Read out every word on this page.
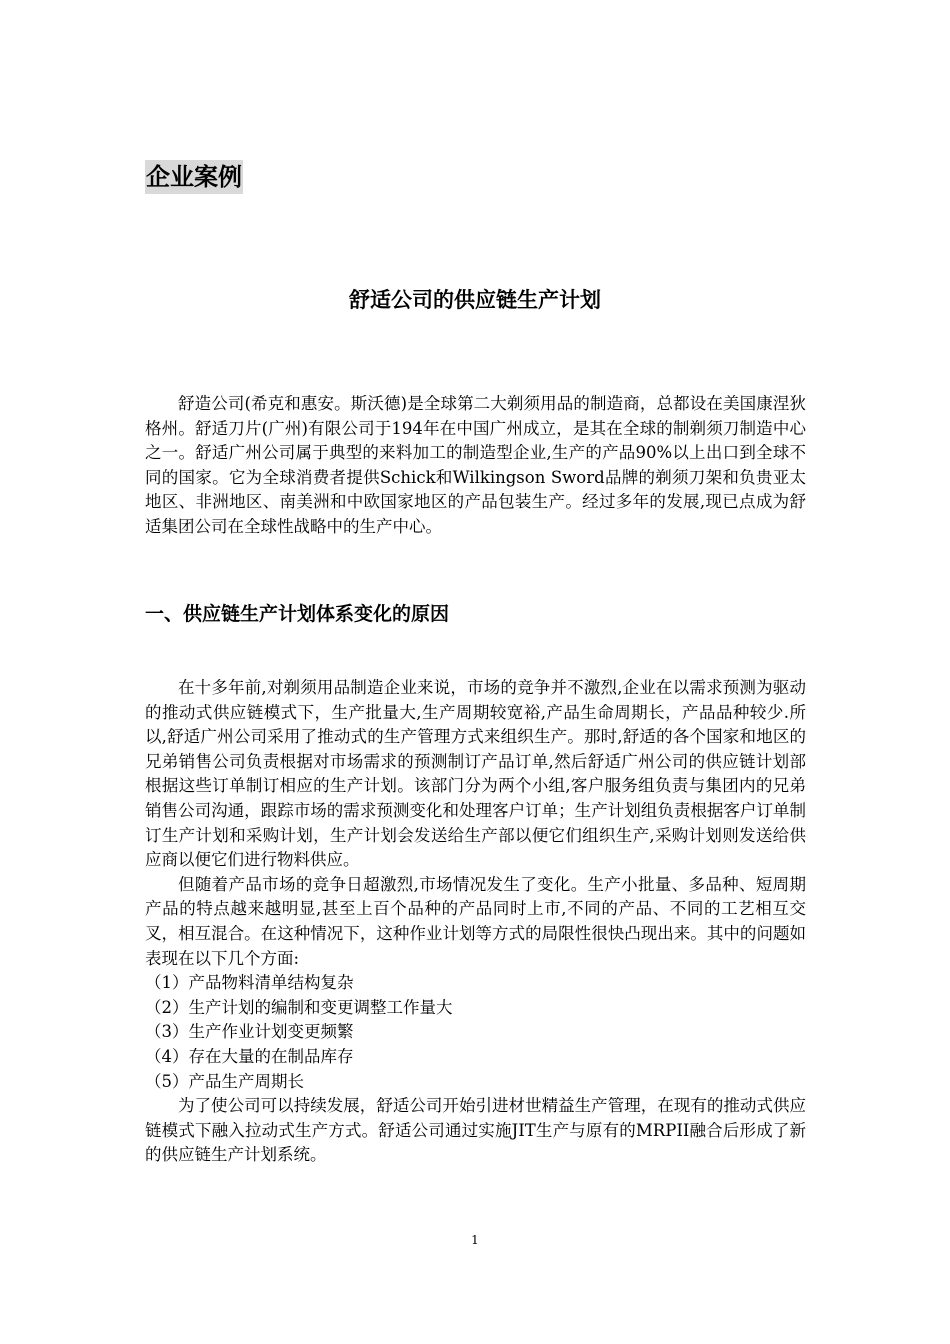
企业案例
舒适公司的供应链生产计划

舒造公司(希克和惠安。斯沃德)是全球第二大剃须用品的制造商，总都设在美国康涅狄格州。舒适刀片(广州)有限公司于194年在中国广州成立，是其在全球的制剃须刀制造中心之一。舒适广州公司属于典型的来料加工的制造型企业,生产的产品90%以上出口到全球不同的国家。它为全球消费者提供Schick和Wilkingson Sword品牌的剃须刀架和负贵亚太地区、非洲地区、南美洲和中欧国家地区的产品包装生产。经过多年的发展,现已点成为舒适集团公司在全球性战略中的生产中心。

一、供应链生产计划体系变化的原因

在十多年前,对剃须用品制造企业来说，市场的竞争并不激烈,企业在以需求预测为驱动的推动式供应链模式下，生产批量大,生产周期较宽裕,产品生命周期长，产品品种较少.所以,舒适广州公司采用了推动式的生产管理方式来组织生产。那时,舒适的各个国家和地区的兄弟销售公司负责根据对市场需求的预测制订产品订单,然后舒适广州公司的供应链计划部根据这些订单制订相应的生产计划。该部门分为两个小组,客户服务组负责与集团内的兄弟销售公司沟通，跟踪市场的需求预测变化和处理客户订单；生产计划组负责根据客户订单制订生产计划和采购计划，生产计划会发送给生产部以便它们组织生产,采购计划则发送给供应商以便它们进行物料供应。

但随着产品市场的竞争日超激烈,市场情况发生了变化。生产小批量、多品种、短周期产品的特点越来越明显,甚至上百个品种的产品同时上市,不同的产品、不同的工艺相互交叉，相互混合。在这种情况下，这种作业计划等方式的局限性很快凸现出来。其中的问题如表现在以下几个方面:

（1）产品物料清单结构复杂
（2）生产计划的编制和变更调整工作量大
（3）生产作业计划变更频繁
（4）存在大量的在制品库存
（5）产品生产周期长

为了使公司可以持续发展，舒适公司开始引进材世精益生产管理，在现有的推动式供应链模式下融入拉动式生产方式。舒适公司通过实施JIT生产与原有的MRPII融合后形成了新的供应链生产计划系统。

1
